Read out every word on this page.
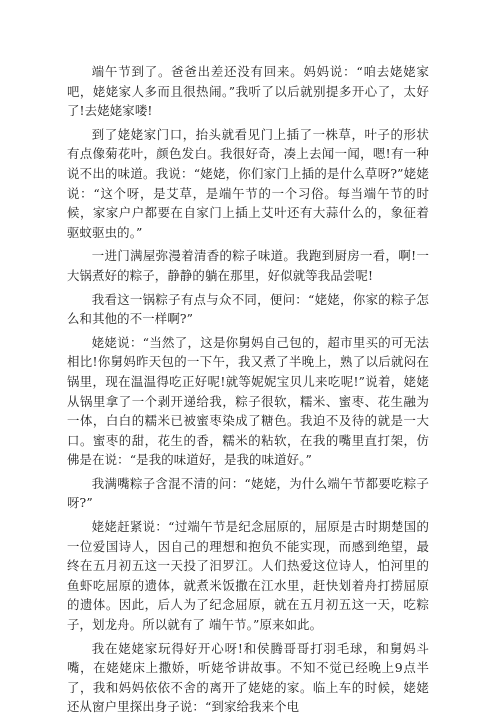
端午节到了。爸爸出差还没有回来。妈妈说：“咱去姥姥家吧，姥姥家人多而且很热闹。”我听了以后就别提多开心了，太好了!去姥姥家喽!

到了姥姥家门口，抬头就看见门上插了一株草，叶子的形状有点像菊花叶，颜色发白。我很好奇，凑上去闻一闻，嗯!有一种说不出的味道。我说：“姥姥，你们家门上插的是什么草呀?”姥姥说：“这个呀，是艾草，是端午节的一个习俗。每当端午节的时候，家家户户都要在自家门上插上艾叶还有大蒜什么的，象征着驱蚊驱虫的。”

一进门满屋弥漫着清香的粽子味道。我跑到厨房一看，啊!一大锅煮好的粽子，静静的躺在那里，好似就等我品尝呢!

我看这一锅粽子有点与众不同，便问：“姥姥，你家的粽子怎么和其他的不一样啊?”

姥姥说：“当然了，这是你舅妈自己包的，超市里买的可无法相比!你舅妈昨天包的一下午，我又煮了半晚上，熟了以后就闷在锅里，现在温温得吃正好呢!就等妮妮宝贝儿来吃呢!”说着，姥姥从锅里拿了一个剥开递给我，粽子很软，糯米、蜜枣、花生融为一体，白白的糯米已被蜜枣染成了糖色。我迫不及待的就是一大口。蜜枣的甜，花生的香，糯米的粘软，在我的嘴里直打架，仿佛是在说：“是我的味道好，是我的味道好。”

我满嘴粽子含混不清的问：“姥姥，为什么端午节都要吃粽子呀?”

姥姥赶紧说：“过端午节是纪念屈原的，屈原是古时期楚国的一位爱国诗人，因自己的理想和抱负不能实现，而感到绝望，最终在五月初五这一天投了汨罗江。人们热爱这位诗人，怕河里的鱼虾吃屈原的遗体，就煮米饭撒在江水里，赶快划着舟打捞屈原的遗体。因此，后人为了纪念屈原，就在五月初五这一天，吃粽子，划龙舟。所以就有了 端午节。”原来如此。

我在姥姥家玩得好开心呀!和侯腾哥哥打羽毛球，和舅妈斗嘴，在姥姥床上撒娇，听姥爷讲故事。不知不觉已经晚上9点半了，我和妈妈依依不舍的离开了姥姥的家。临上车的时候，姥姥还从窗户里探出身子说：“到家给我来个电
